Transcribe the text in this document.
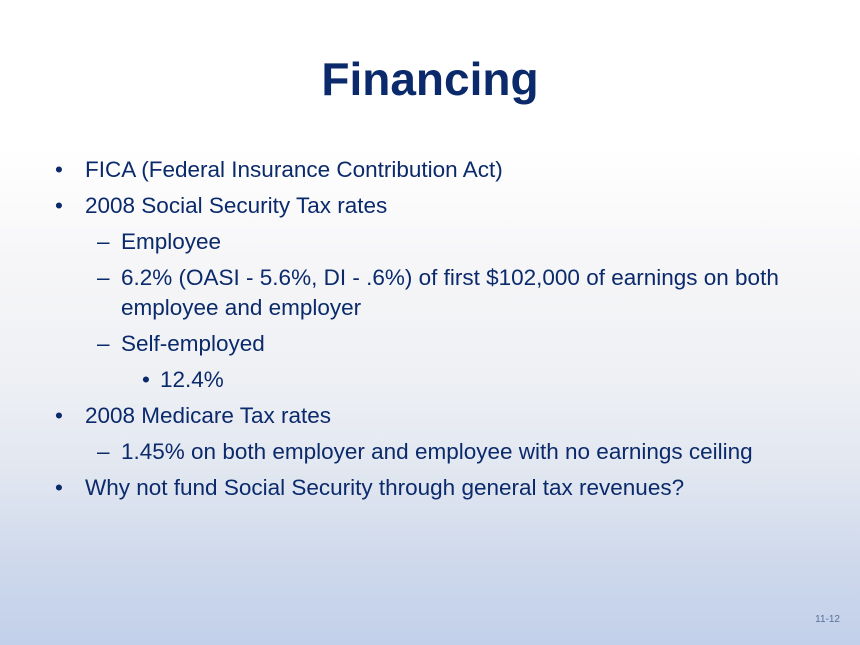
Financing
• FICA (Federal Insurance Contribution Act)
• 2008 Social Security Tax rates
– Employee
– 6.2% (OASI - 5.6%, DI - .6%) of first $102,000 of earnings on both employee and employer
– Self-employed
• 12.4%
• 2008 Medicare Tax rates
– 1.45% on both employer and employee with no earnings ceiling
• Why not fund Social Security through general tax revenues?
11-12
